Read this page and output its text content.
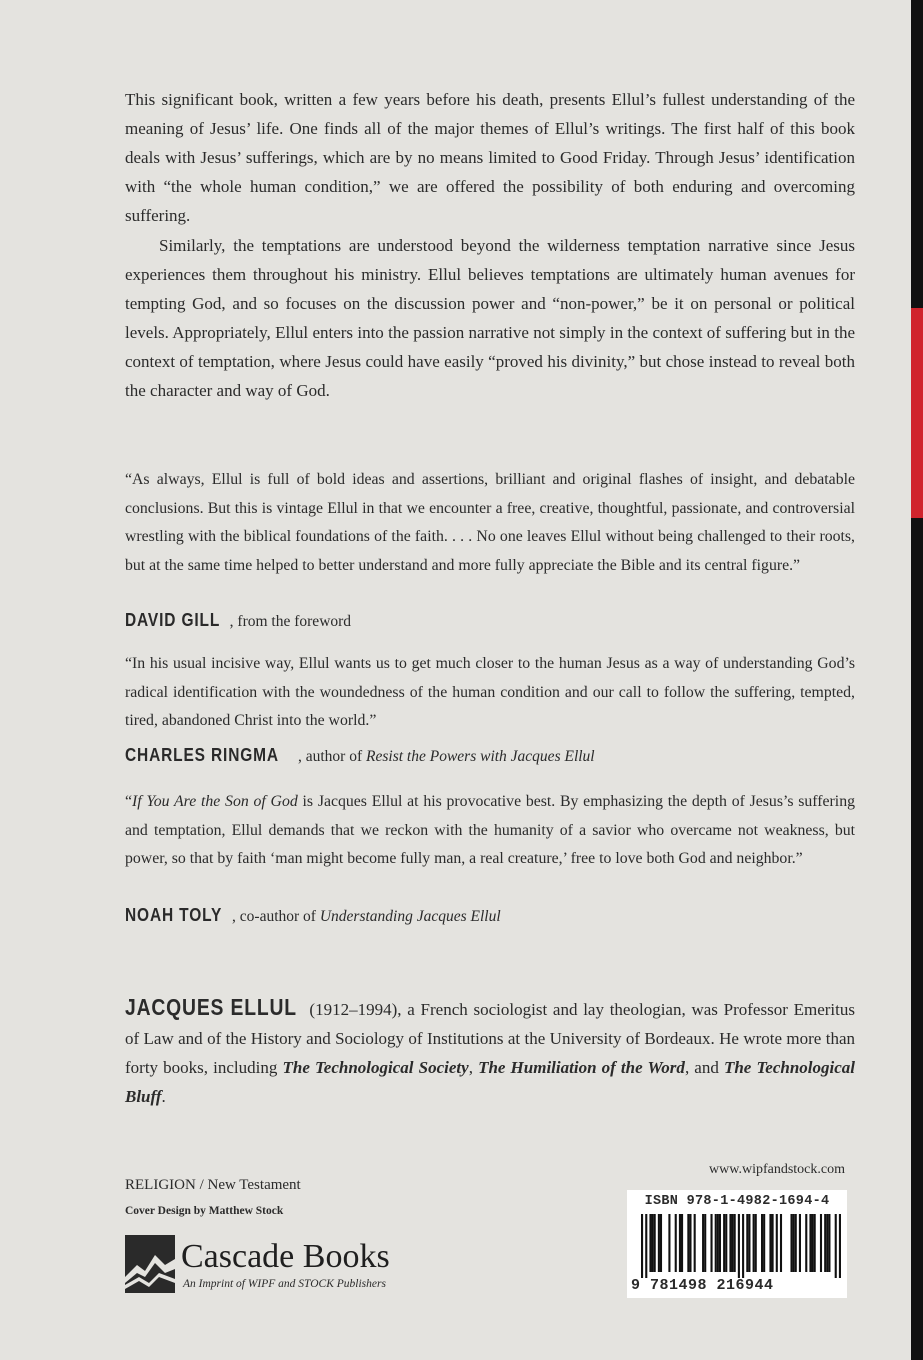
This significant book, written a few years before his death, presents Ellul’s fullest understanding of the meaning of Jesus’ life. One finds all of the major themes of Ellul’s writings. The first half of this book deals with Jesus’ sufferings, which are by no means limited to Good Friday. Through Jesus’ identification with “the whole human condition,” we are offered the possibility of both enduring and overcoming suffering.

Similarly, the temptations are understood beyond the wilderness temptation narrative since Jesus experiences them throughout his ministry. Ellul believes temptations are ultimately human avenues for tempting God, and so focuses on the discussion power and “non-power,” be it on personal or political levels. Appropriately, Ellul enters into the passion narrative not simply in the context of suffering but in the context of temptation, where Jesus could have easily “proved his divinity,” but chose instead to reveal both the character and way of God.

“As always, Ellul is full of bold ideas and assertions, brilliant and original flashes of insight, and debatable conclusions. But this is vintage Ellul in that we encounter a free, creative, thoughtful, passionate, and controversial wrestling with the biblical foundations of the faith. . . . No one leaves Ellul without being challenged to their roots, but at the same time helped to better understand and more fully appreciate the Bible and its central figure.”

DAVID GILL , from the foreword

“In his usual incisive way, Ellul wants us to get much closer to the human Jesus as a way of understanding God’s radical identification with the woundedness of the human condition and our call to follow the suffering, tempted, tired, abandoned Christ into the world.”

CHARLES RINGMA , author of Resist the Powers with Jacques Ellul

“If You Are the Son of God is Jacques Ellul at his provocative best. By emphasizing the depth of Jesus’s suffering and temptation, Ellul demands that we reckon with the humanity of a savior who overcame not weakness, but power, so that by faith ‘man might become fully man, a real creature,’ free to love both God and neighbor.”

NOAH TOLY , co-author of Understanding Jacques Ellul

JACQUES ELLUL (1912–1994), a French sociologist and lay theologian, was Professor Emeritus of Law and of the History and Sociology of Institutions at the University of Bordeaux. He wrote more than forty books, including The Technological Society, The Humiliation of the Word, and The Technological Bluff.

RELIGION / New Testament
Cover Design by Matthew Stock
Cascade Books
An Imprint of WIPF and STOCK Publishers
www.wipfandstock.com
ISBN 978-1-4982-1694-4
9 781498 216944
